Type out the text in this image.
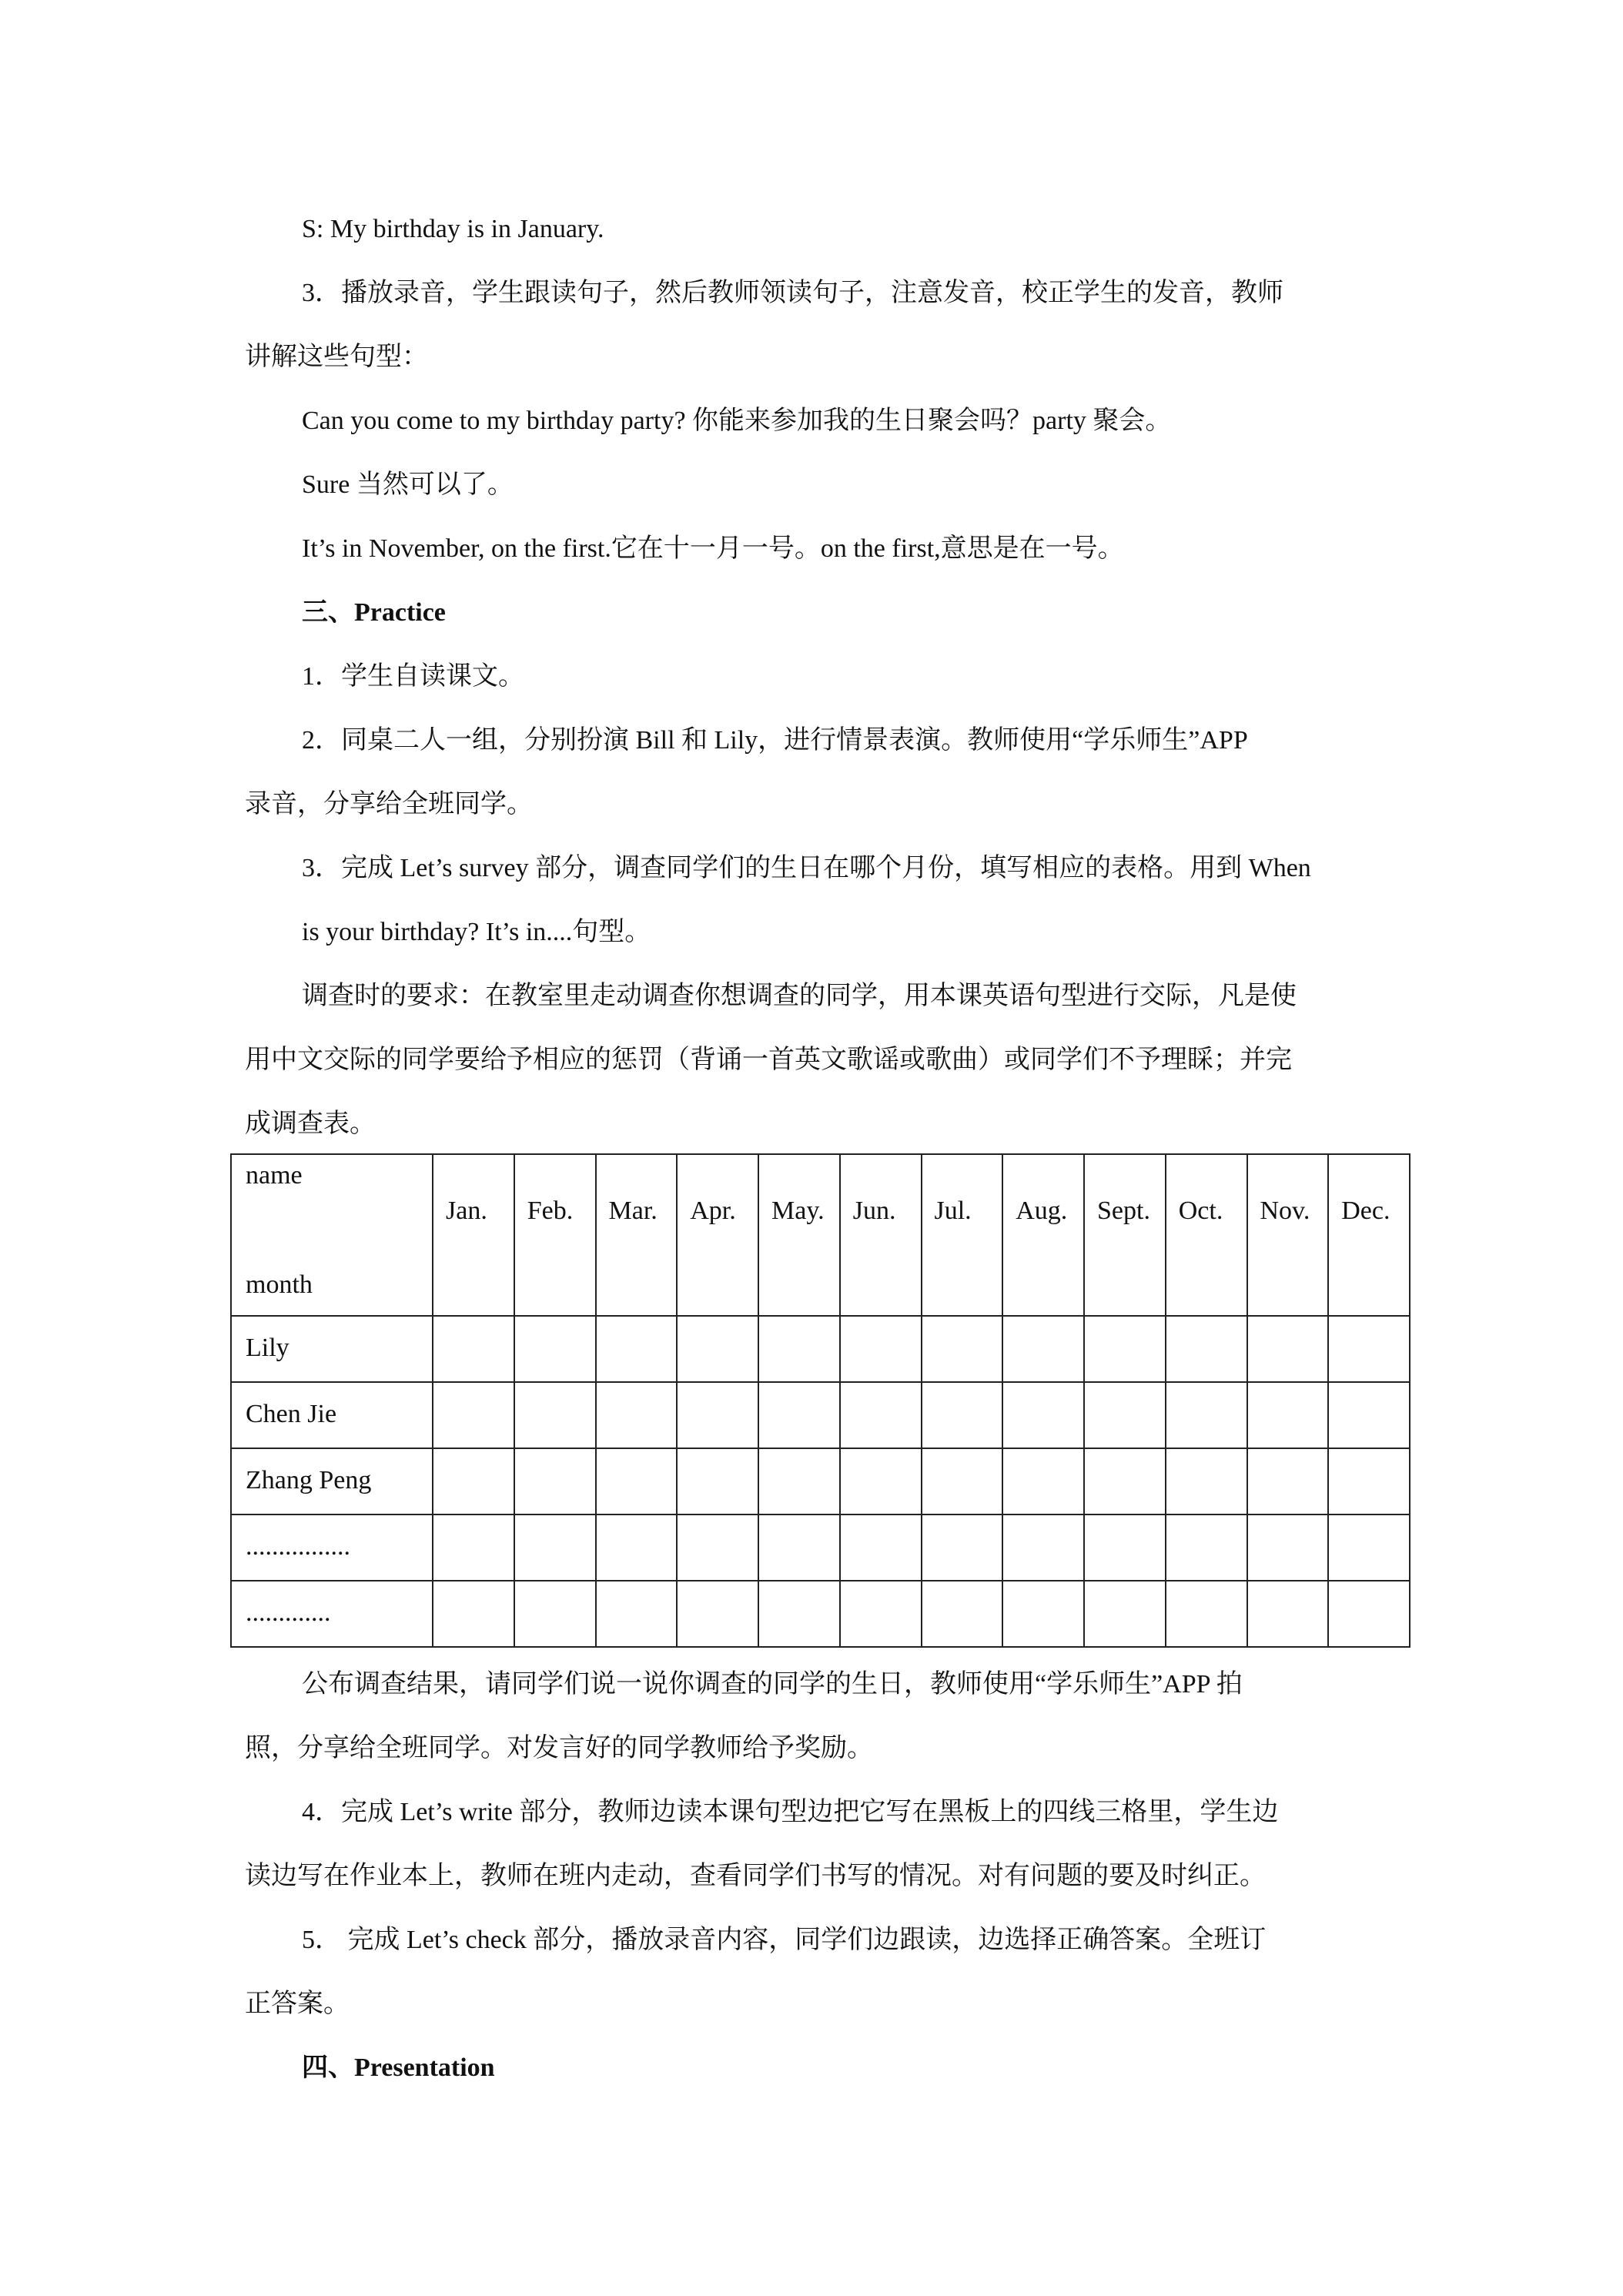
S: My birthday is in January.
3．播放录音，学生跟读句子，然后教师领读句子，注意发音，校正学生的发音，教师
讲解这些句型：
Can you come to my birthday party? 你能来参加我的生日聚会吗？party 聚会。
Sure 当然可以了。
It’s in November, on the first.它在十一月一号。on the first,意思是在一号。
三、Practice
1．学生自读课文。
2．同桌二人一组，分别扮演 Bill 和 Lily，进行情景表演。教师使用“学乐师生”APP
录音，分享给全班同学。
3．完成 Let’s survey 部分，调查同学们的生日在哪个月份，填写相应的表格。用到 When
is your birthday? It’s in....句型。
调查时的要求：在教室里走动调查你想调查的同学，用本课英语句型进行交际，凡是使
用中文交际的同学要给予相应的惩罚（背诵一首英文歌谣或歌曲）或同学们不予理睬；并完
成调查表。
name
month	Jan.	Feb.	Mar.	Apr.	May.	Jun.	Jul.	Aug.	Sept.	Oct.	Nov.	Dec.

Lily												

Chen Jie												

Zhang Peng												

................												

.............												

公布调查结果，请同学们说一说你调查的同学的生日，教师使用“学乐师生”APP 拍
照，分享给全班同学。对发言好的同学教师给予奖励。
4．完成 Let’s write 部分，教师边读本课句型边把它写在黑板上的四线三格里，学生边
读边写在作业本上，教师在班内走动，查看同学们书写的情况。对有问题的要及时纠正。
5． 完成 Let’s check 部分，播放录音内容，同学们边跟读，边选择正确答案。全班订
正答案。
四、Presentation
